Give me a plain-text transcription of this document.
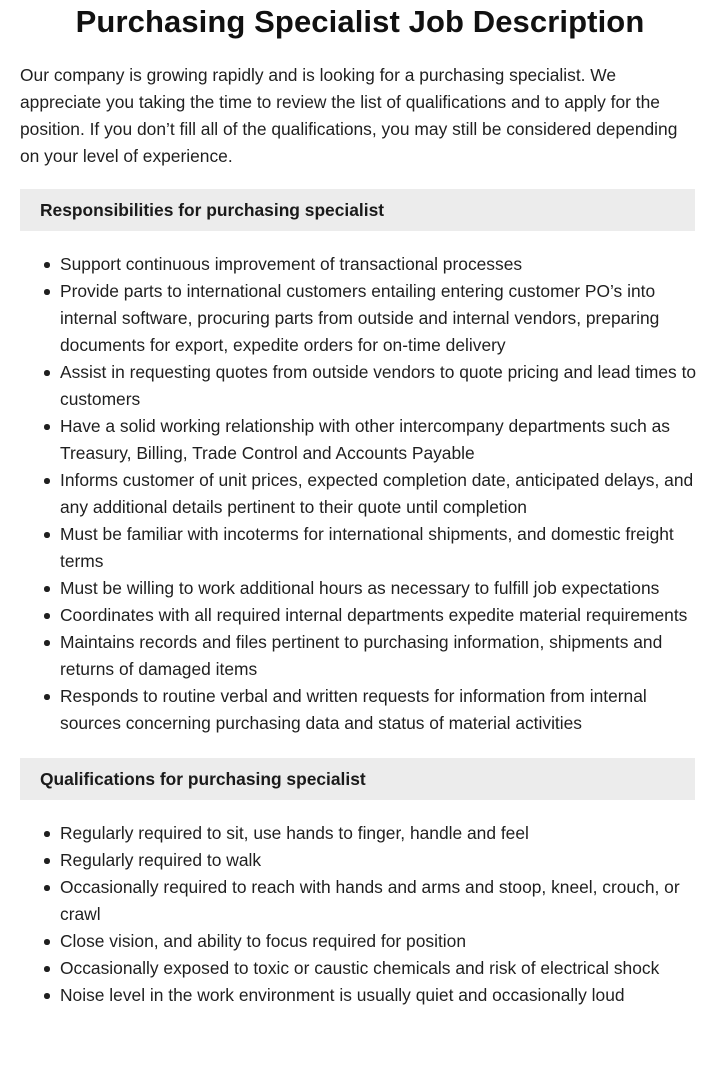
Purchasing Specialist Job Description

Our company is growing rapidly and is looking for a purchasing specialist. We appreciate you taking the time to review the list of qualifications and to apply for the position. If you don’t fill all of the qualifications, you may still be considered depending on your level of experience.

Responsibilities for purchasing specialist
Support continuous improvement of transactional processes
Provide parts to international customers entailing entering customer PO’s into internal software, procuring parts from outside and internal vendors, preparing documents for export, expedite orders for on-time delivery
Assist in requesting quotes from outside vendors to quote pricing and lead times to customers
Have a solid working relationship with other intercompany departments such as Treasury, Billing, Trade Control and Accounts Payable
Informs customer of unit prices, expected completion date, anticipated delays, and any additional details pertinent to their quote until completion
Must be familiar with incoterms for international shipments, and domestic freight terms
Must be willing to work additional hours as necessary to fulfill job expectations
Coordinates with all required internal departments expedite material requirements
Maintains records and files pertinent to purchasing information, shipments and returns of damaged items
Responds to routine verbal and written requests for information from internal sources concerning purchasing data and status of material activities
Qualifications for purchasing specialist
Regularly required to sit, use hands to finger, handle and feel
Regularly required to walk
Occasionally required to reach with hands and arms and stoop, kneel, crouch, or crawl
Close vision, and ability to focus required for position
Occasionally exposed to toxic or caustic chemicals and risk of electrical shock
Noise level in the work environment is usually quiet and occasionally loud
